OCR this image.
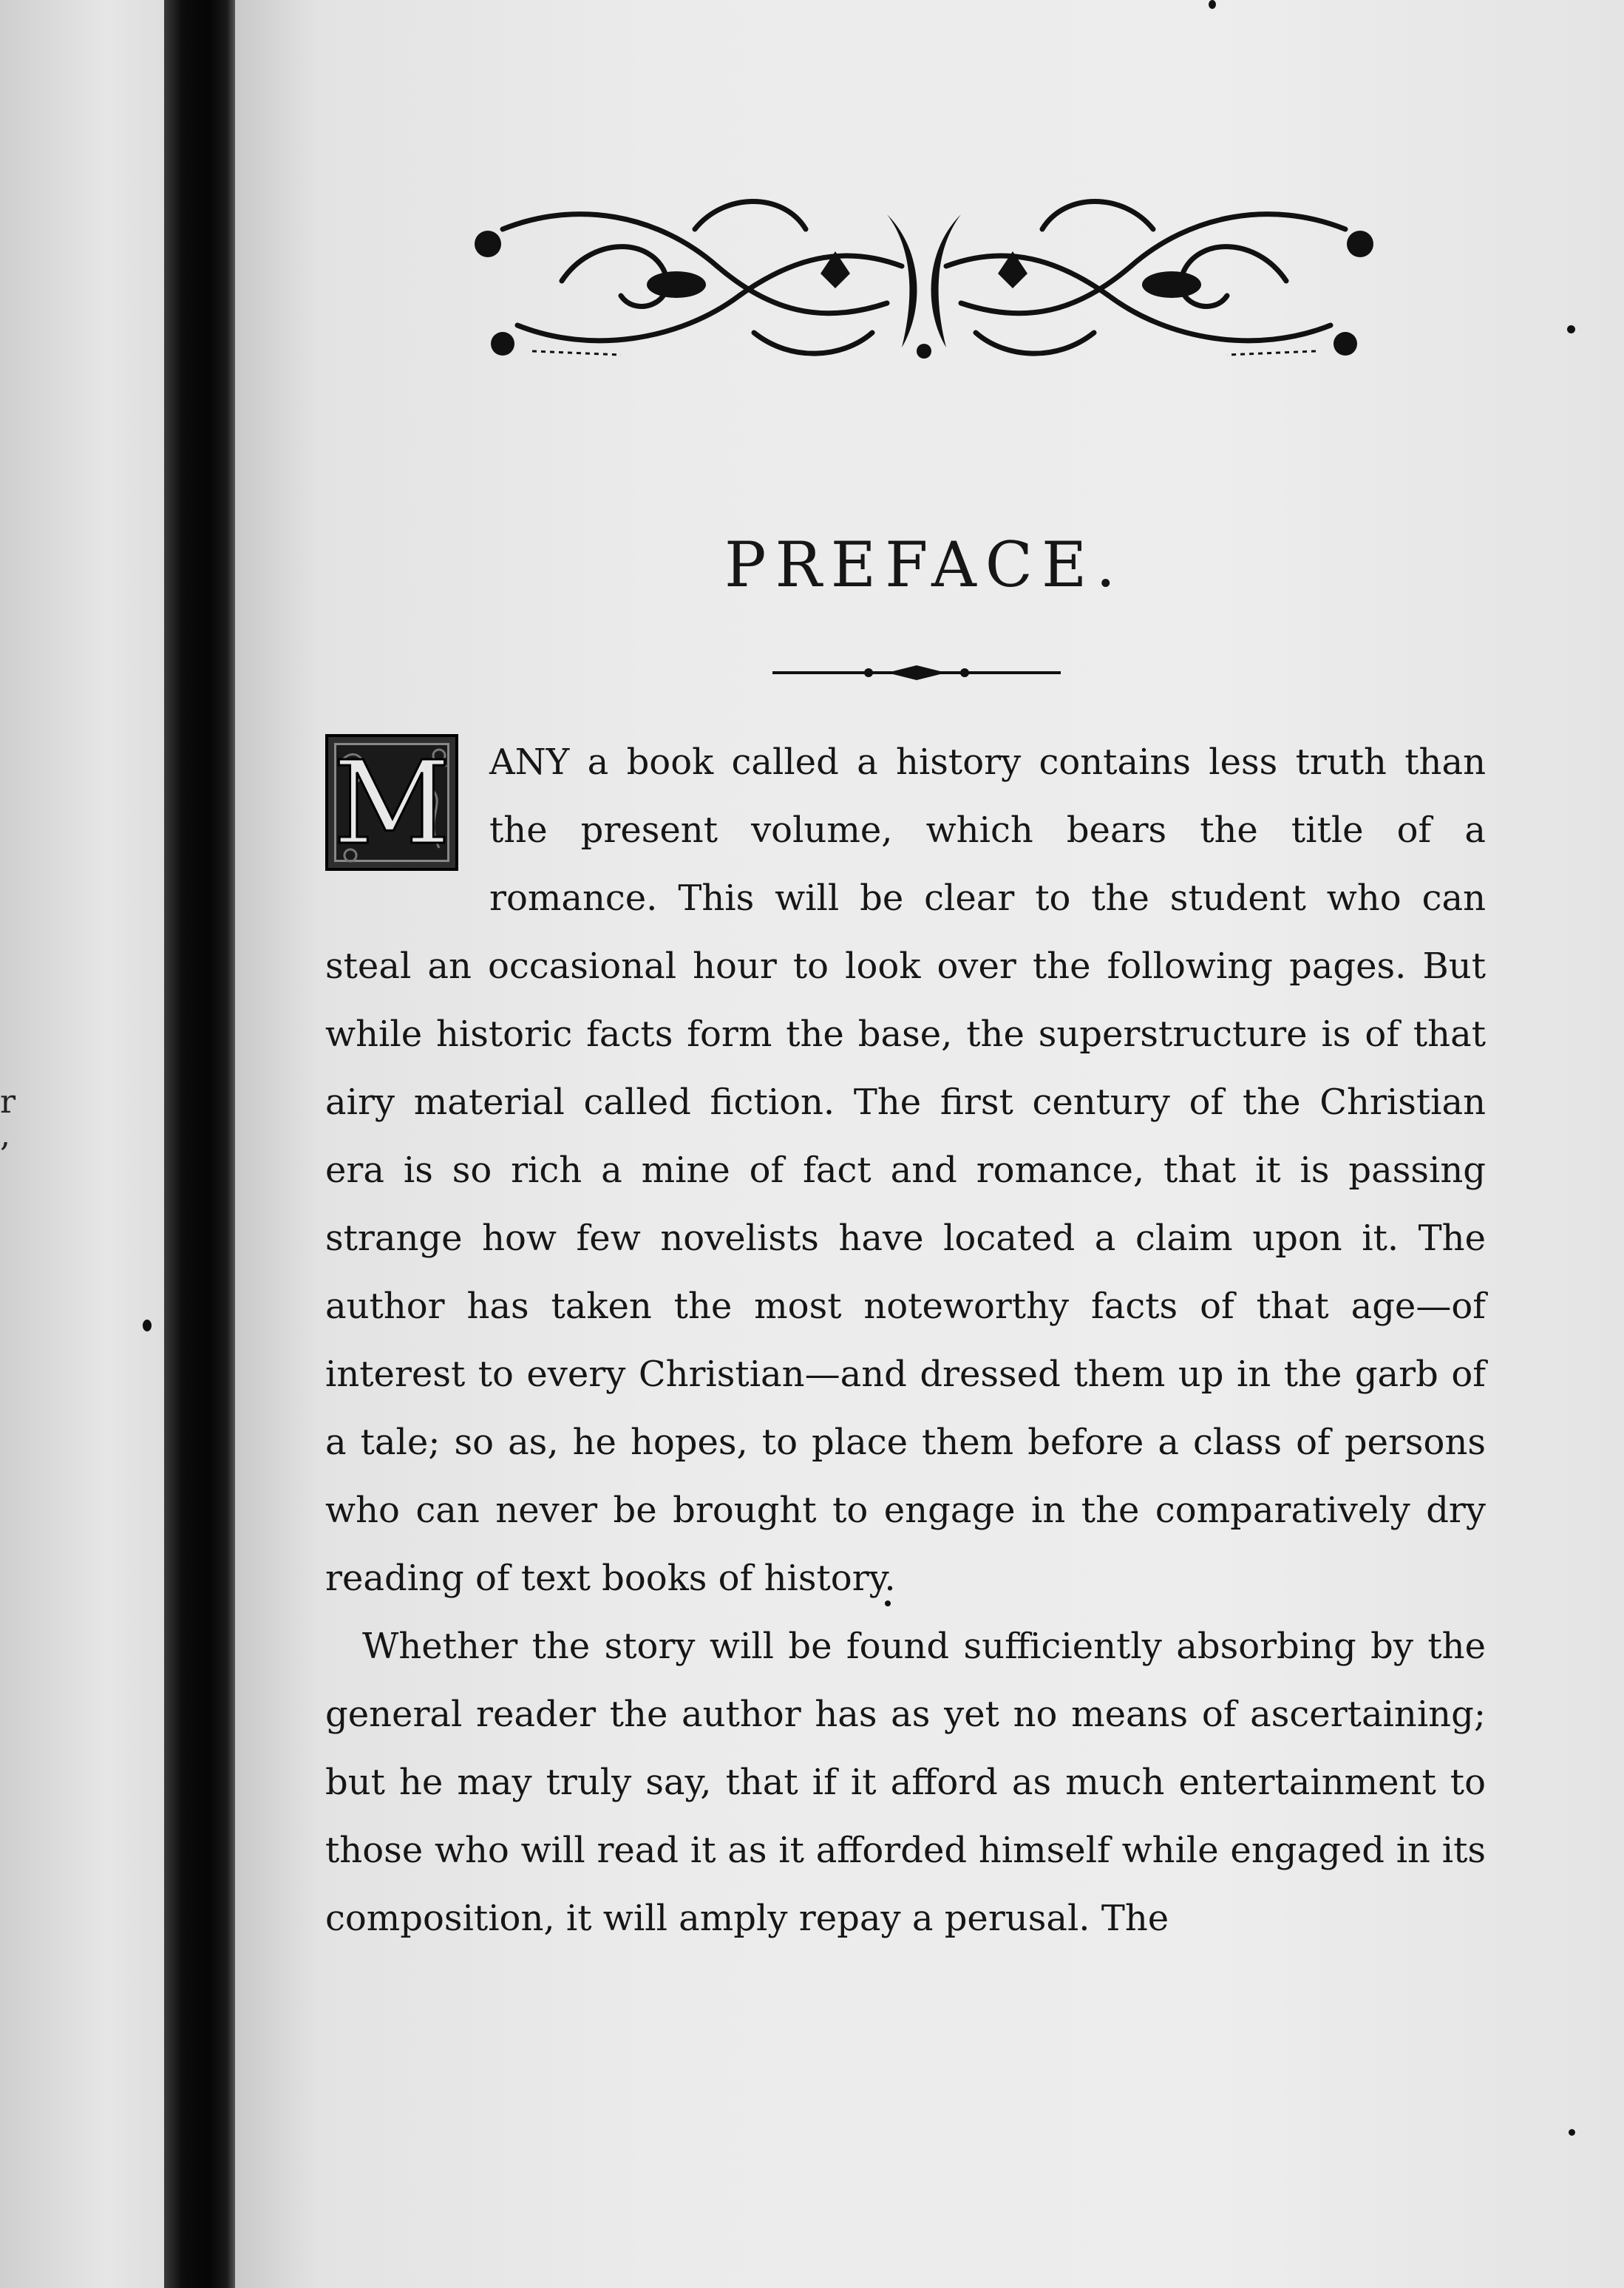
r
,
PREFACE.

M ANY a book called a history contains less truth than the present volume, which bears the title of a romance. This will be clear to the student who can steal an occasional hour to look over the following pages. But while historic facts form the base, the superstructure is of that airy material called fiction. The first century of the Christian era is so rich a mine of fact and romance, that it is passing strange how few novelists have located a claim upon it. The author has taken the most noteworthy facts of that age—of interest to every Christian—and dressed them up in the garb of a tale; so as, he hopes, to place them before a class of persons who can never be brought to engage in the comparatively dry reading of text books of history.

Whether the story will be found sufficiently absorbing by the general reader the author has as yet no means of ascertaining; but he may truly say, that if it afford as much entertainment to those who will read it as it afforded himself while engaged in its composition, it will amply repay a perusal. The
